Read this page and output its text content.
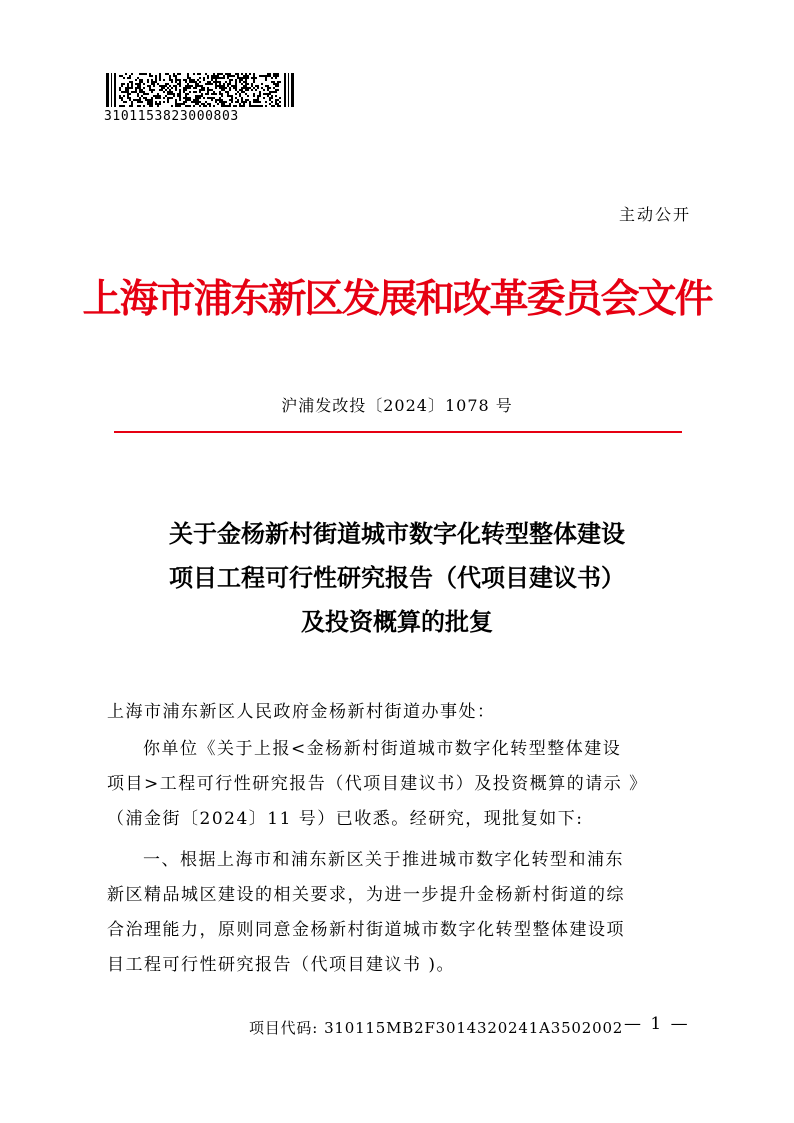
3101153823000803
主动公开
上海市浦东新区发展和改革委员会文件
沪浦发改投〔2024〕1078 号
关于金杨新村街道城市数字化转型整体建设
项目工程可行性研究报告（代项目建议书）
及投资概算的批复
上海市浦东新区人民政府金杨新村街道办事处：
你单位《关于上报<金杨新村街道城市数字化转型整体建设
项目>工程可行性研究报告（代项目建议书）及投资概算的请示 》
（浦金街〔2024〕11 号）已收悉。经研究，现批复如下:
一、根据上海市和浦东新区关于推进城市数字化转型和浦东
新区精品城区建设的相关要求，为进一步提升金杨新村街道的综
合治理能力，原则同意金杨新村街道城市数字化转型整体建设项
目工程可行性研究报告（代项目建议书 )。
项目代码: 310115MB2F3014320241A3502002 — 1 —
